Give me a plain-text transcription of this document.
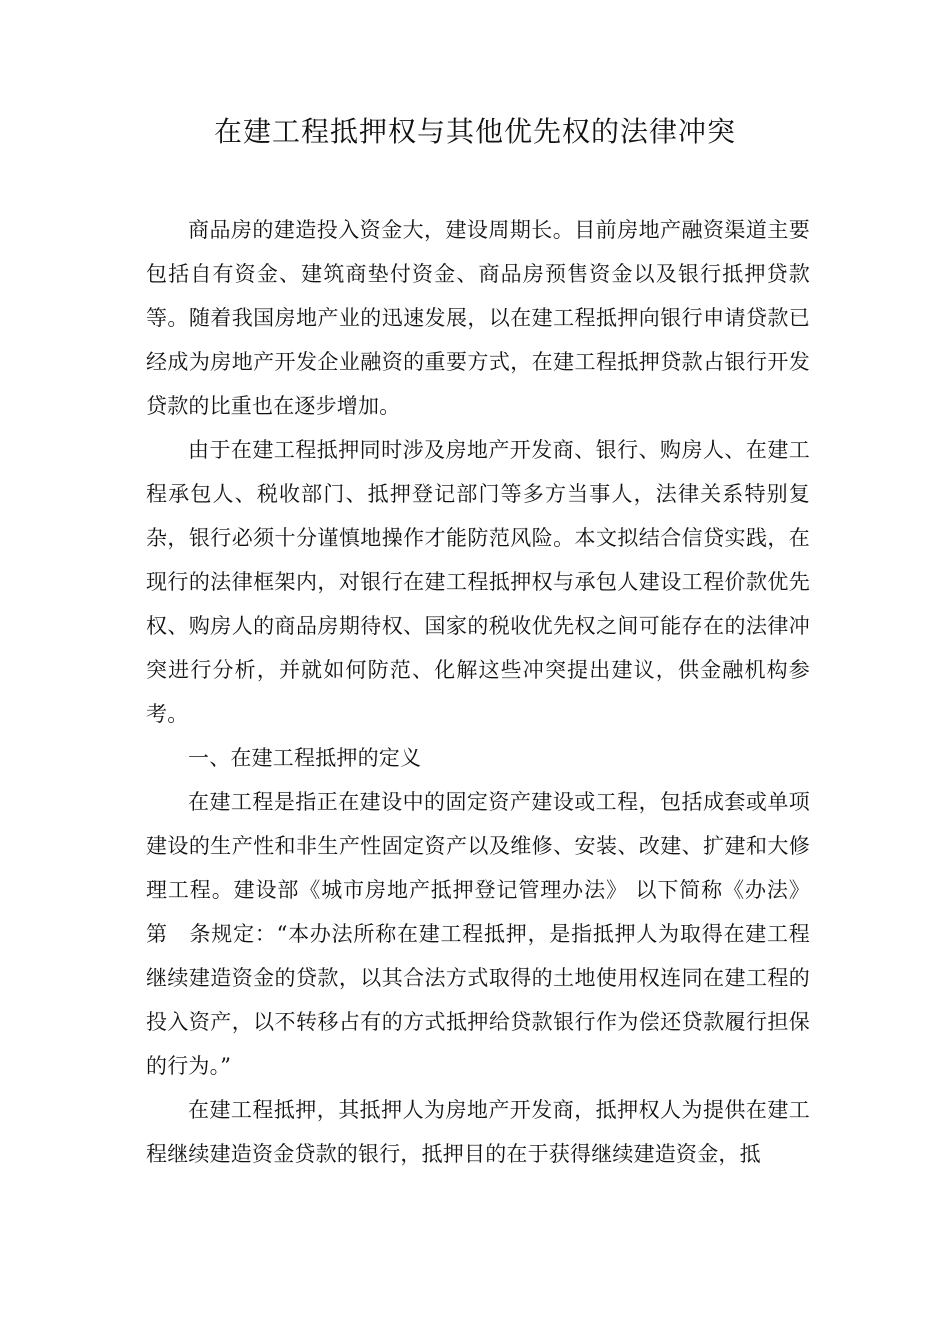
在建工程抵押权与其他优先权的法律冲突

商品房的建造投入资金大，建设周期长。目前房地产融资渠道主要包括自有资金、建筑商垫付资金、商品房预售资金以及银行抵押贷款等。随着我国房地产业的迅速发展，以在建工程抵押向银行申请贷款已经成为房地产开发企业融资的重要方式，在建工程抵押贷款占银行开发贷款的比重也在逐步增加。

由于在建工程抵押同时涉及房地产开发商、银行、购房人、在建工程承包人、税收部门、抵押登记部门等多方当事人，法律关系特别复杂，银行必须十分谨慎地操作才能防范风险。本文拟结合信贷实践，在现行的法律框架内，对银行在建工程抵押权与承包人建设工程价款优先权、购房人的商品房期待权、国家的税收优先权之间可能存在的法律冲突进行分析，并就如何防范、化解这些冲突提出建议，供金融机构参考。

一、在建工程抵押的定义

在建工程是指正在建设中的固定资产建设或工程，包括成套或单项建设的生产性和非生产性固定资产以及维修、安装、改建、扩建和大修理工程。建设部《城市房地产抵押登记管理办法》 以下简称《办法》 第　条规定：“本办法所称在建工程抵押，是指抵押人为取得在建工程继续建造资金的贷款，以其合法方式取得的土地使用权连同在建工程的投入资产，以不转移占有的方式抵押给贷款银行作为偿还贷款履行担保的行为。”

在建工程抵押，其抵押人为房地产开发商，抵押权人为提供在建工程继续建造资金贷款的银行，抵押目的在于获得继续建造资金，抵
